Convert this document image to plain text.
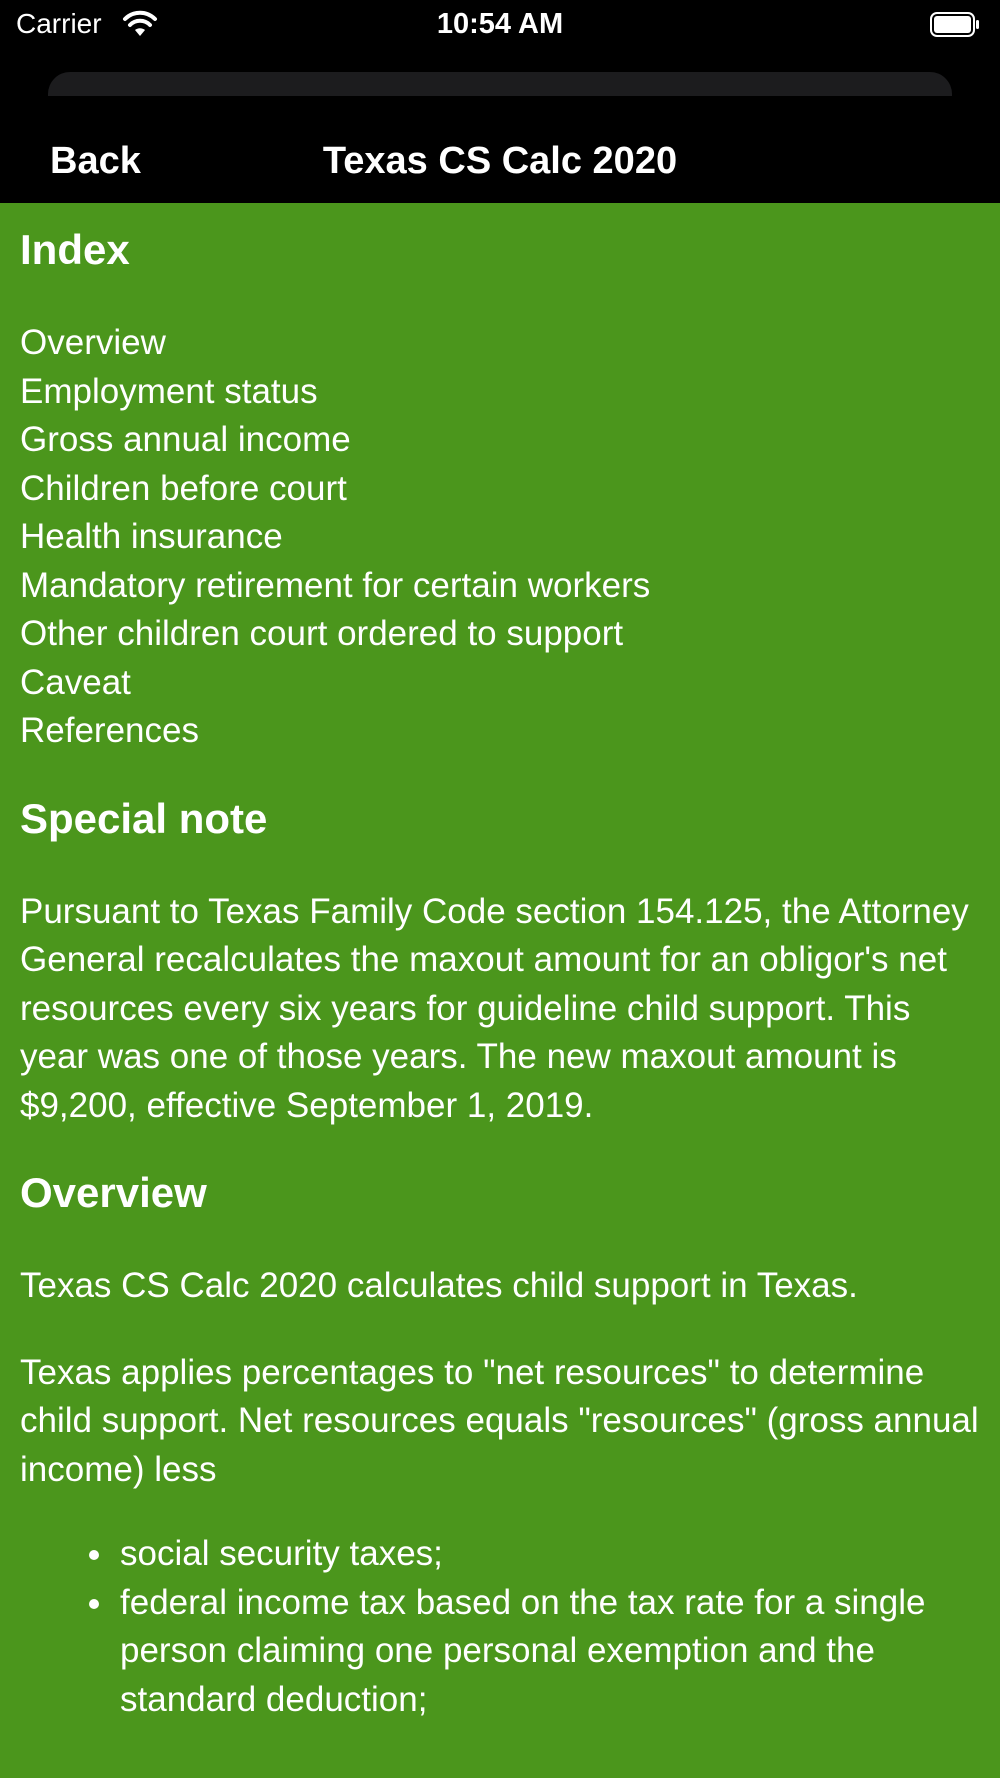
Carrier	10:54 AM
Texas CS Calc 2020
Back
Index
Overview
Employment status
Gross annual income
Children before court
Health insurance
Mandatory retirement for certain workers
Other children court ordered to support
Caveat
References
Special note

Pursuant to Texas Family Code section 154.125, the Attorney General recalculates the maxout amount for an obligor's net resources every six years for guideline child support. This year was one of those years. The new maxout amount is $9,200, effective September 1, 2019.

Overview

Texas CS Calc 2020 calculates child support in Texas.

Texas applies percentages to "net resources" to determine child support. Net resources equals "resources" (gross annual income) less

• social security taxes;
• federal income tax based on the tax rate for a single person claiming one personal exemption and the standard deduction;
